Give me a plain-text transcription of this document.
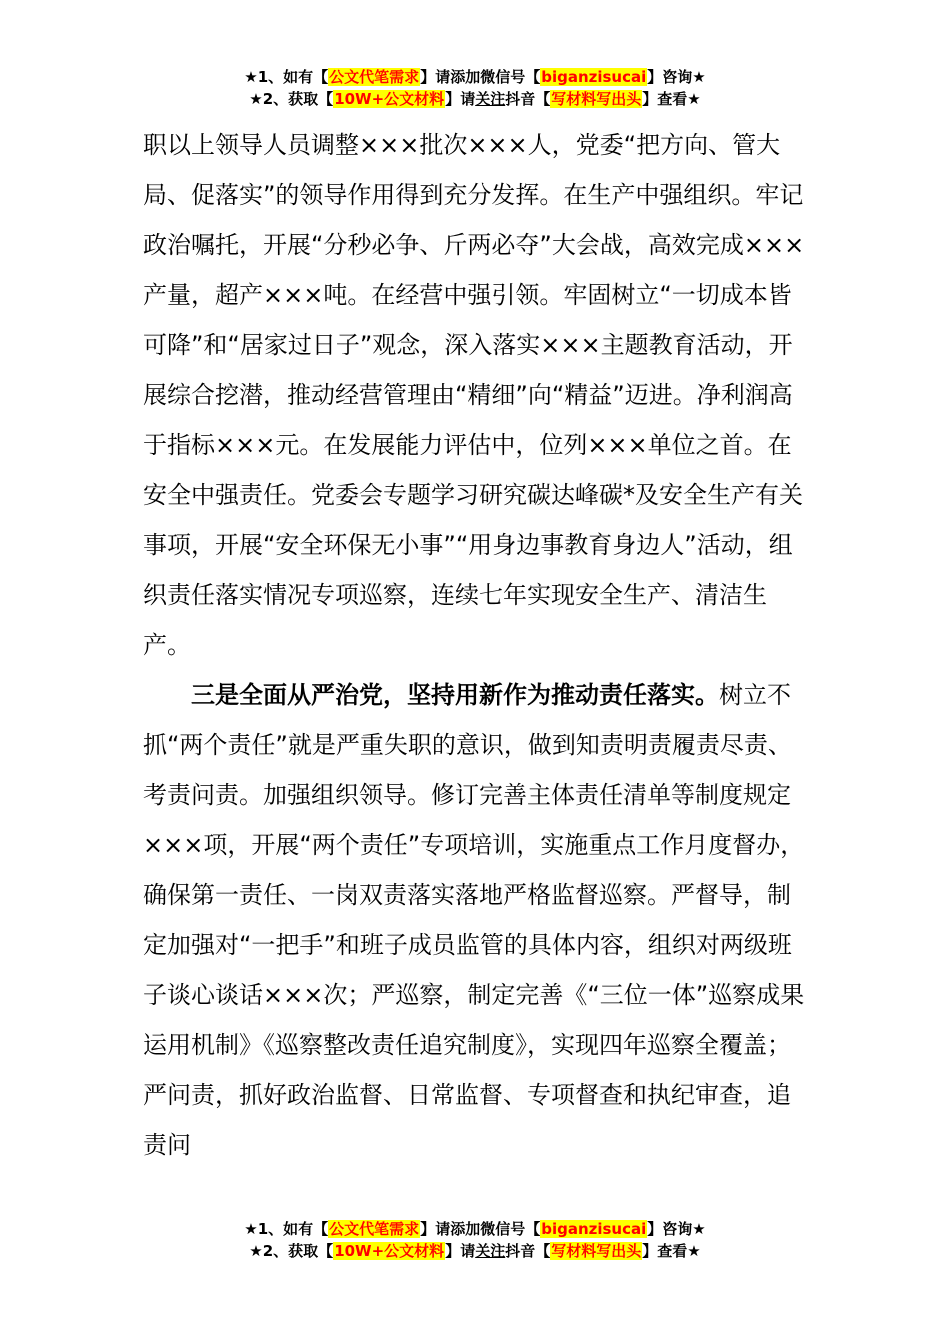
★1、如有【公文代笔需求】请添加微信号【biganzisucai】咨询★
★2、获取【10W+公文材料】请关注抖音【写材料写出头】查看★

职以上领导人员调整×××批次×××人，党委“把方向、管大局、促落实”的领导作用得到充分发挥。在生产中强组织。牢记政治嘱托，开展“分秒必争、斤两必夺”大会战，高效完成×××产量，超产×××吨。在经营中强引领。牢固树立“一切成本皆可降”和“居家过日子”观念，深入落实×××主题教育活动，开展综合挖潜，推动经营管理由“精细”向“精益”迈进。净利润高于指标×××元。在发展能力评估中，位列×××单位之首。在安全中强责任。党委会专题学习研究碳达峰碳*及安全生产有关事项，开展“安全环保无小事”“用身边事教育身边人”活动，组织责任落实情况专项巡察，连续七年实现安全生产、清洁生产。

三是全面从严治党，坚持用新作为推动责任落实。树立不抓“两个责任”就是严重失职的意识，做到知责明责履责尽责、考责问责。加强组织领导。修订完善主体责任清单等制度规定×××项，开展“两个责任”专项培训，实施重点工作月度督办，确保第一责任、一岗双责落实落地严格监督巡察。严督导，制定加强对“一把手”和班子成员监管的具体内容，组织对两级班子谈心谈话×××次；严巡察，制定完善《“三位一体”巡察成果运用机制》《巡察整改责任追究制度》，实现四年巡察全覆盖；严问责，抓好政治监督、日常监督、专项督查和执纪审查，追责问

★1、如有【公文代笔需求】请添加微信号【biganzisucai】咨询★
★2、获取【10W+公文材料】请关注抖音【写材料写出头】查看★
